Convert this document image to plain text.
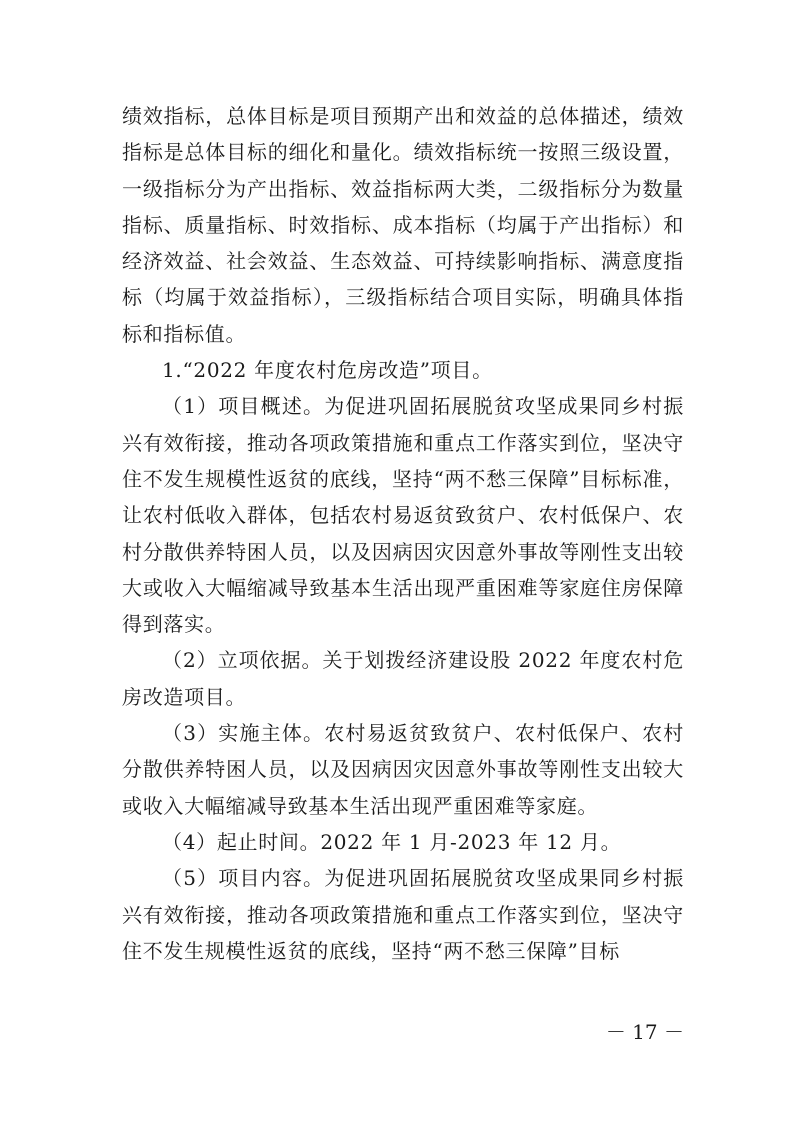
绩效指标，总体目标是项目预期产出和效益的总体描述，绩效指标是总体目标的细化和量化。绩效指标统一按照三级设置，一级指标分为产出指标、效益指标两大类，二级指标分为数量指标、质量指标、时效指标、成本指标（均属于产出指标）和经济效益、社会效益、生态效益、可持续影响指标、满意度指标（均属于效益指标），三级指标结合项目实际，明确具体指标和指标值。

1.“2022 年度农村危房改造”项目。

（1）项目概述。为促进巩固拓展脱贫攻坚成果同乡村振兴有效衔接，推动各项政策措施和重点工作落实到位，坚决守住不发生规模性返贫的底线，坚持“两不愁三保障”目标标准，让农村低收入群体，包括农村易返贫致贫户、农村低保户、农村分散供养特困人员，以及因病因灾因意外事故等刚性支出较大或收入大幅缩减导致基本生活出现严重困难等家庭住房保障得到落实。

（2）立项依据。关于划拨经济建设股 2022 年度农村危房改造项目。

（3）实施主体。农村易返贫致贫户、农村低保户、农村分散供养特困人员，以及因病因灾因意外事故等刚性支出较大或收入大幅缩减导致基本生活出现严重困难等家庭。

（4）起止时间。2022 年 1 月-2023 年 12 月。

（5）项目内容。为促进巩固拓展脱贫攻坚成果同乡村振兴有效衔接，推动各项政策措施和重点工作落实到位，坚决守住不发生规模性返贫的底线，坚持“两不愁三保障”目标

－ 17 －
